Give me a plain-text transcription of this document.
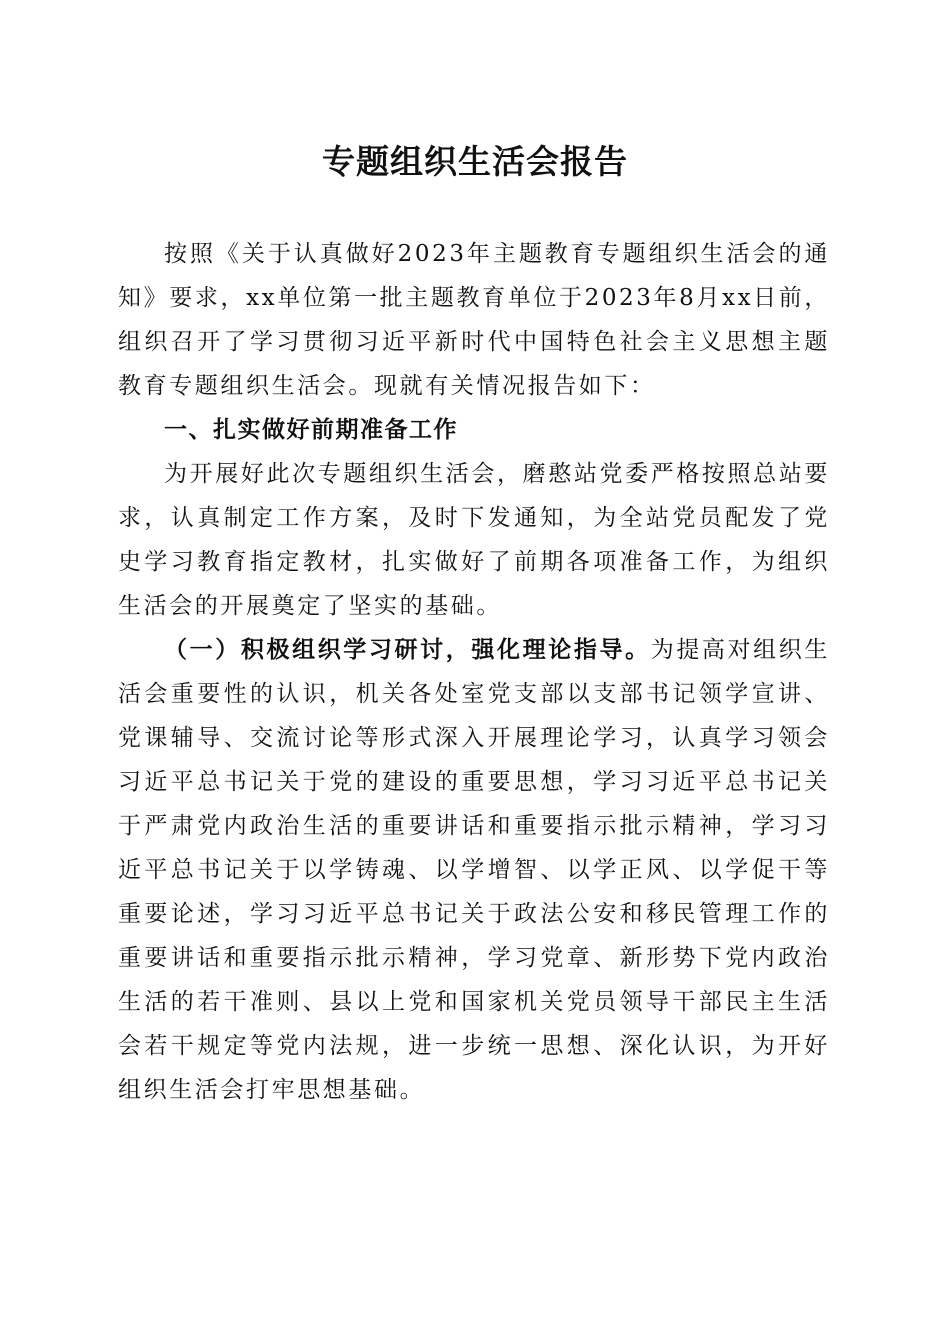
专题组织生活会报告

按照《关于认真做好2023年主题教育专题组织生活会的通知》要求，xx单位第一批主题教育单位于2023年8月xx日前，组织召开了学习贯彻习近平新时代中国特色社会主义思想主题教育专题组织生活会。现就有关情况报告如下：

一、扎实做好前期准备工作

为开展好此次专题组织生活会，磨憨站党委严格按照总站要求，认真制定工作方案，及时下发通知，为全站党员配发了党史学习教育指定教材，扎实做好了前期各项准备工作，为组织生活会的开展奠定了坚实的基础。

（一）积极组织学习研讨，强化理论指导。为提高对组织生活会重要性的认识，机关各处室党支部以支部书记领学宣讲、党课辅导、交流讨论等形式深入开展理论学习，认真学习领会习近平总书记关于党的建设的重要思想，学习习近平总书记关于严肃党内政治生活的重要讲话和重要指示批示精神，学习习近平总书记关于以学铸魂、以学增智、以学正风、以学促干等重要论述，学习习近平总书记关于政法公安和移民管理工作的重要讲话和重要指示批示精神，学习党章、新形势下党内政治生活的若干准则、县以上党和国家机关党员领导干部民主生活会若干规定等党内法规，进一步统一思想、深化认识，为开好组织生活会打牢思想基础。
